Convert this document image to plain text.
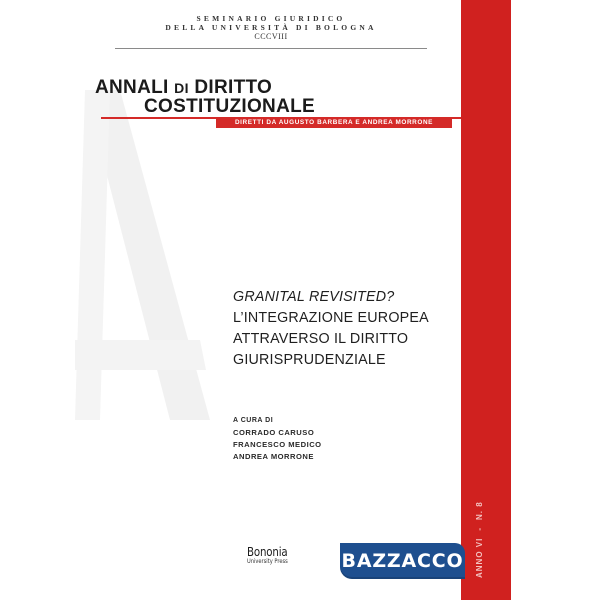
SEMINARIO GIURIDICO
DELLA UNIVERSITÀ DI BOLOGNA
CCCVIII
ANNALI DI DIRITTO
COSTITUZIONALE
DIRETTI DA AUGUSTO BARBERA E ANDREA MORRONE
ANNO VI-N. 8
GRANITAL REVISITED?
L’INTEGRAZIONE EUROPEA
ATTRAVERSO IL DIRITTO
GIURISPRUDENZIALE
A CURA DI
CORRADO CARUSO
FRANCESCO MEDICO
ANDREA MORRONE
Bononia
University Press	BAZZACCO
